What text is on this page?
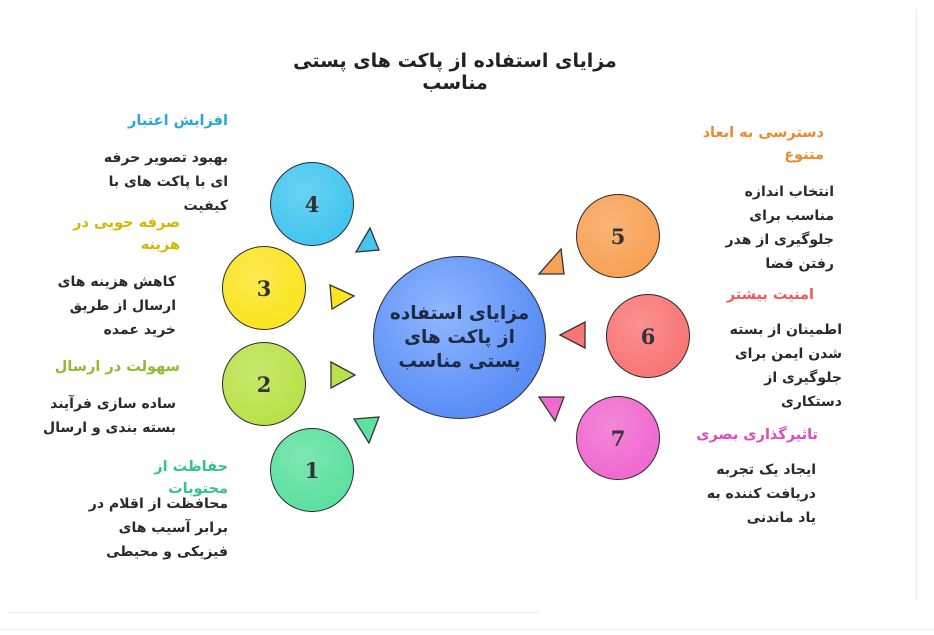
مزایای استفاده از پاکت های پستی مناسب
مزایای استفاده از پاکت های پستی مناسب
4
افزایش اعتبار
بهبود تصویر حرفه ای با پاکت های با کیفیت
3
صرفه جویی در هزینه
کاهش هزینه های ارسال از طریق خرید عمده
2
سهولت در ارسال
ساده سازی فرآیند بسته بندی و ارسال
1
حفاظت از محتویات
محافظت از اقلام در برابر آسیب های فیزیکی و محیطی
5
دسترسی به ابعاد متنوع
انتخاب اندازه مناسب برای جلوگیری از هدر رفتن فضا
6
امنیت بیشتر
اطمینان از بسته شدن ایمن برای جلوگیری از دستکاری
7	تاثیرگذاری بصری
ایجاد یک تجربه دریافت کننده به یاد ماندنی
